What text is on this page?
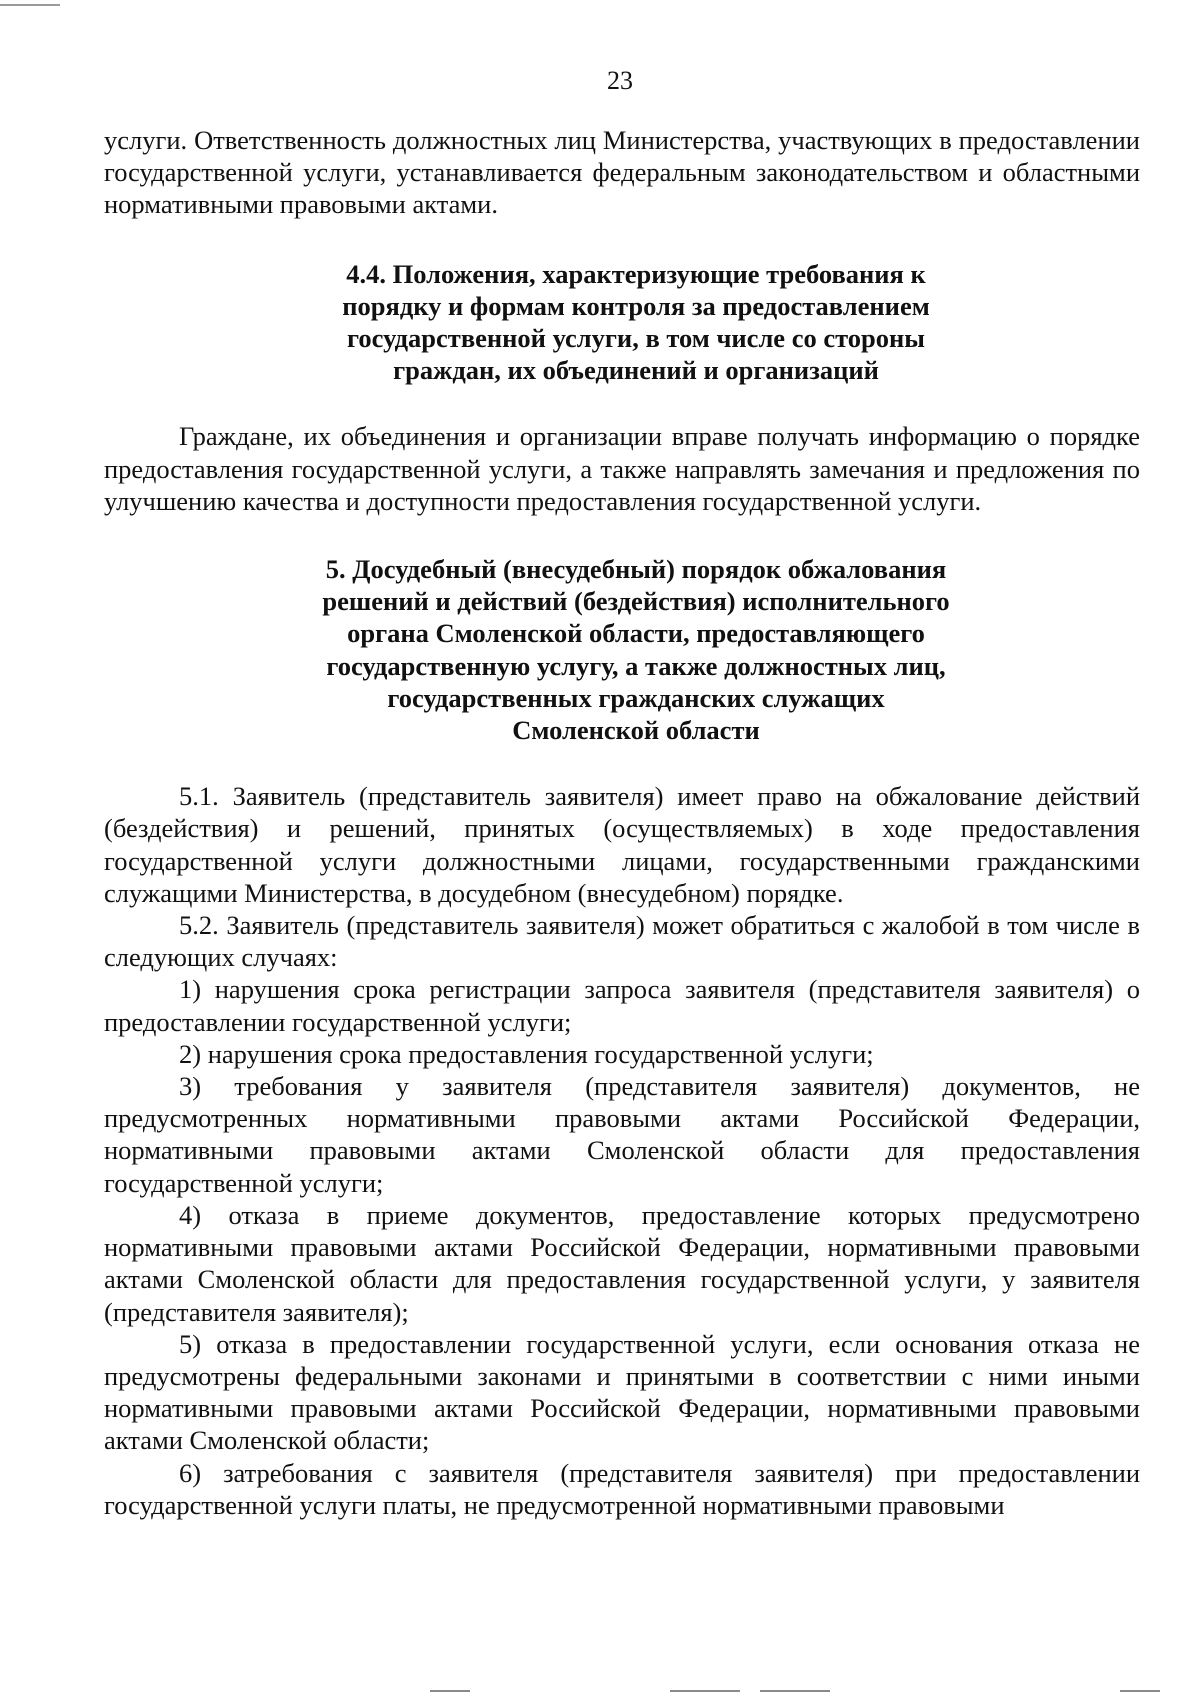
23

услуги. Ответственность должностных лиц Министерства, участвующих в предоставлении государственной услуги, устанавливается федеральным законодательством и областными нормативными правовыми актами.

4.4. Положения, характеризующие требования к
порядку и формам контроля за предоставлением
государственной услуги, в том числе со стороны
граждан, их объединений и организаций

Граждане, их объединения и организации вправе получать информацию о порядке предоставления государственной услуги, а также направлять замечания и предложения по улучшению качества и доступности предоставления государственной услуги.

5. Досудебный (внесудебный) порядок обжалования
решений и действий (бездействия) исполнительного
органа Смоленской области, предоставляющего
государственную услугу, а также должностных лиц,
государственных гражданских служащих
Смоленской области

5.1. Заявитель (представитель заявителя) имеет право на обжалование действий (бездействия) и решений, принятых (осуществляемых) в ходе предоставления государственной услуги должностными лицами, государственными гражданскими служащими Министерства, в досудебном (внесудебном) порядке.

5.2. Заявитель (представитель заявителя) может обратиться с жалобой в том числе в следующих случаях:

1) нарушения срока регистрации запроса заявителя (представителя заявителя) о предоставлении государственной услуги;

2) нарушения срока предоставления государственной услуги;

3) требования у заявителя (представителя заявителя) документов, не предусмотренных нормативными правовыми актами Российской Федерации, нормативными правовыми актами Смоленской области для предоставления государственной услуги;

4) отказа в приеме документов, предоставление которых предусмотрено нормативными правовыми актами Российской Федерации, нормативными правовыми актами Смоленской области для предоставления государственной услуги, у заявителя (представителя заявителя);

5) отказа в предоставлении государственной услуги, если основания отказа не предусмотрены федеральными законами и принятыми в соответствии с ними иными нормативными правовыми актами Российской Федерации, нормативными правовыми актами Смоленской области;

6) затребования с заявителя (представителя заявителя) при предоставлении государственной услуги платы, не предусмотренной нормативными правовыми
